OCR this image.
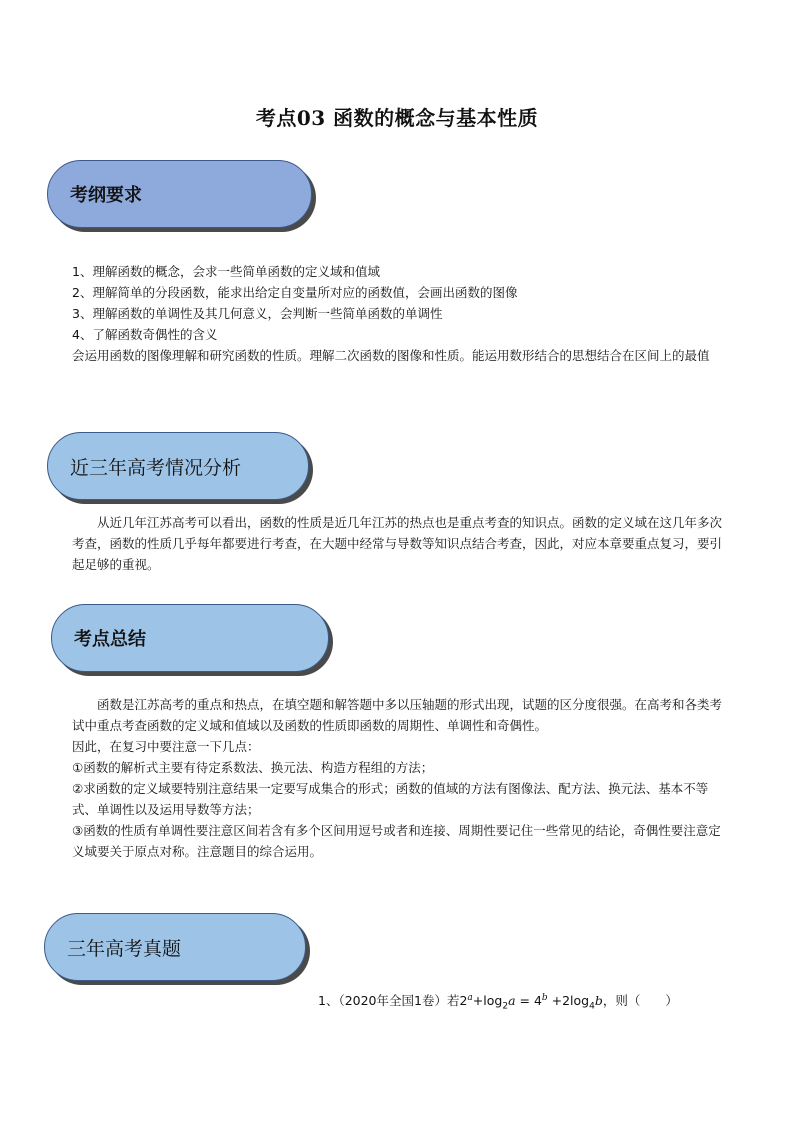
考点03 函数的概念与基本性质
考纲要求
1、理解函数的概念，会求一些简单函数的定义域和值域
2、理解简单的分段函数，能求出给定自变量所对应的函数值，会画出函数的图像
3、理解函数的单调性及其几何意义，会判断一些简单函数的单调性
4、了解函数奇偶性的含义
会运用函数的图像理解和研究函数的性质。理解二次函数的图像和性质。能运用数形结合的思想结合在区间上的最值
近三年高考情况分析
从近几年江苏高考可以看出，函数的性质是近几年江苏的热点也是重点考查的知识点。函数的定义域在这几年多次考查，函数的性质几乎每年都要进行考查，在大题中经常与导数等知识点结合考查，因此，对应本章要重点复习，要引起足够的重视。
考点总结
函数是江苏高考的重点和热点，在填空题和解答题中多以压轴题的形式出现，试题的区分度很强。在高考和各类考试中重点考查函数的定义域和值域以及函数的性质即函数的周期性、单调性和奇偶性。
因此，在复习中要注意一下几点：
①函数的解析式主要有待定系数法、换元法、构造方程组的方法；
②求函数的定义域要特别注意结果一定要写成集合的形式；函数的值域的方法有图像法、配方法、换元法、基本不等式、单调性以及运用导数等方法；
③函数的性质有单调性要注意区间若含有多个区间用逗号或者和连接、周期性要记住一些常见的结论，奇偶性要注意定义域要关于原点对称。注意题目的综合运用。
三年高考真题
1、（2020年全国1卷）若$2^a+\log_2a = 4^b +2\log_4b$，则（　　）
